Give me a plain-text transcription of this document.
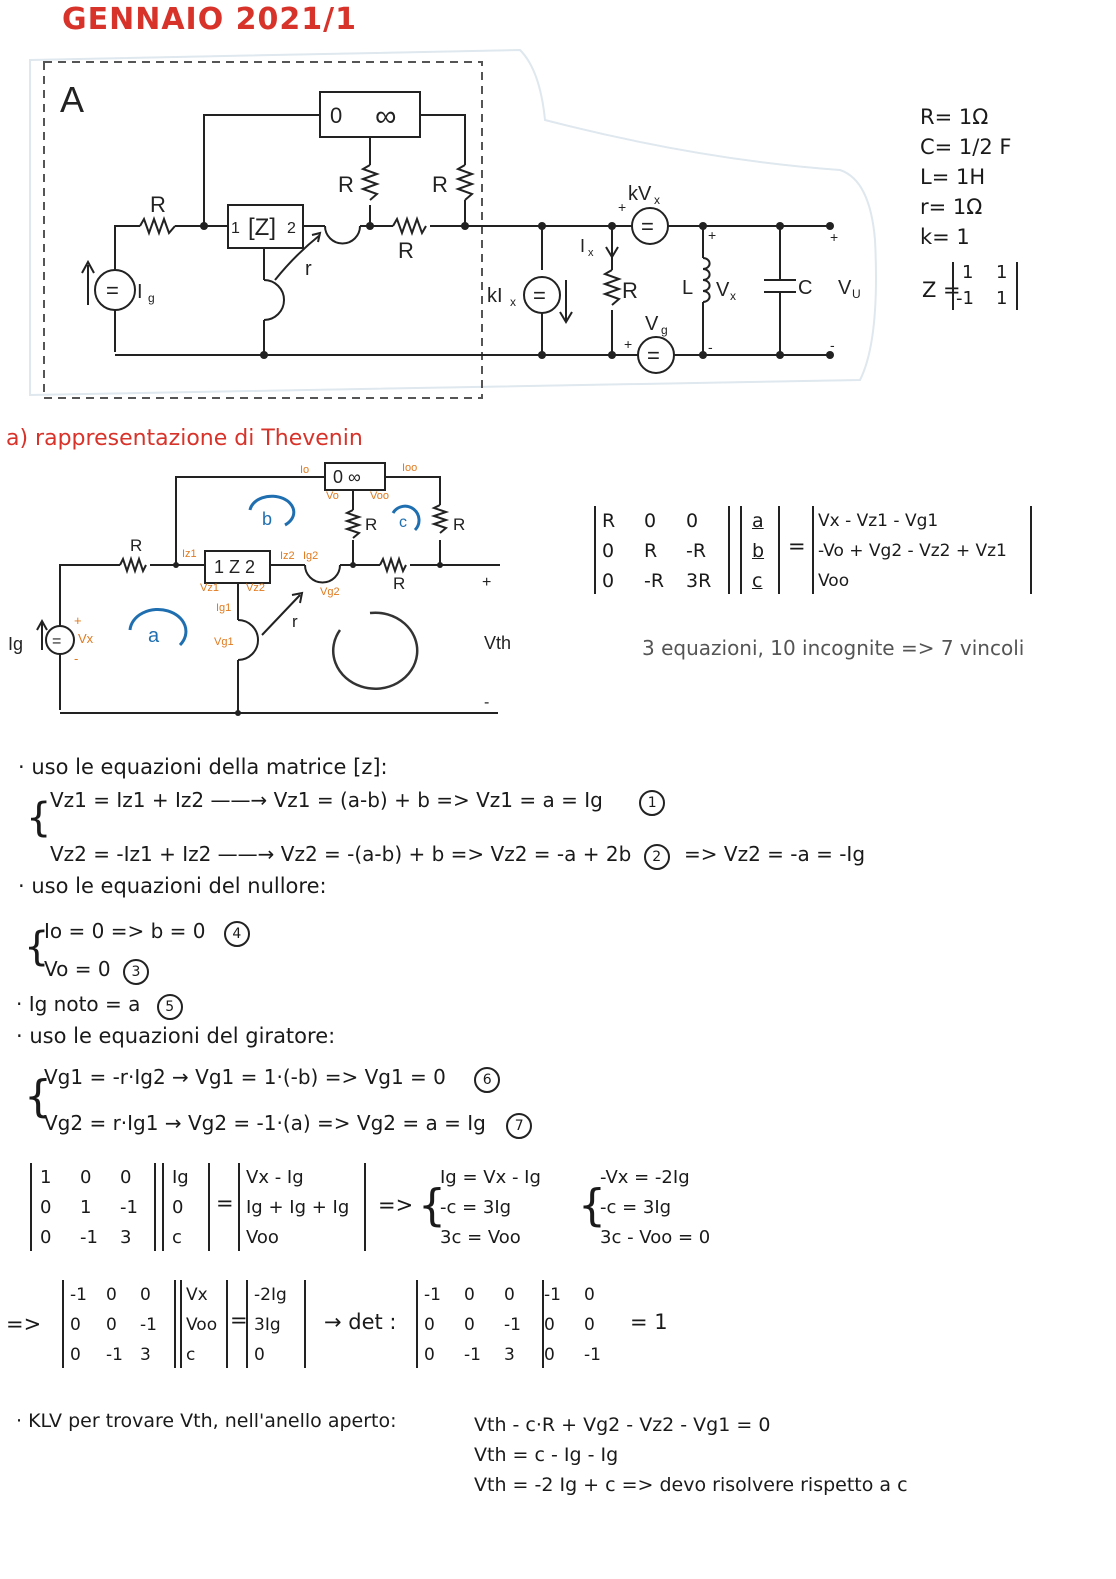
GENNAIO 2021/1
A
= I g
R
1 [Z] 2
0 ∞
R	R
r
R
=
kI x	R
I x
=
kV x
+
=
V g
+
L V x
+
-
C V U
+
-
R= 1Ω
C= 1/2 F
L= 1H
r= 1Ω
k= 1
Z =
1 1
-1 1
a) rappresentazione di Thevenin
=
Ig	Vx
+
-
R
1 Z 2
0 ∞
R	R
R
r
Io	Ioo
Vo	Voo
Iz1	Iz2 Ig2
Vz1 Vz2
Ig1
Vg1
Vg2
a
b	c
+
Vth
-
R 0 0
0 R -R
0 -R 3R
a
b
c
=
Vx - Vz1 - Vg1
-Vo + Vg2 - Vz2 + Vz1
Voo
3 equazioni, 10 incognite => 7 vincoli
· uso le equazioni della matrice [z]:
{
Vz1 = Iz1 + Iz2 ——→ Vz1 = (a-b) + b => Vz1 = a = Ig	1
Vz2 = -Iz1 + Iz2 ——→ Vz2 = -(a-b) + b => Vz2 = -a + 2b 2 => Vz2 = -a = -Ig
· uso le equazioni del nullore:
{
Io = 0 => b = 0 4
Vo = 0 3
· Ig noto = a 5
· uso le equazioni del giratore:
{
Vg1 = -r·Ig2 → Vg1 = 1·(-b) => Vg1 = 0	6
Vg2 = r·Ig1 → Vg2 = -1·(a) => Vg2 = a = Ig 7
1 0 0
0 1 -1
0 -1 3
Ig
0
c
=
Vx - Ig
Ig + Ig + Ig
Voo
=> {
Ig = Vx - Ig
-c = 3Ig
3c = Voo
{
-Vx = -2Ig
-c = 3Ig
3c - Voo = 0
=>
-1 0 0
0 0 -1
0 -1 3
Vx
Voo
c
=
-2Ig
3Ig
0
→ det :
-1 0 0 -1 0
0 0 -1 0 0
0 -1 3 0 -1
= 1
· KLV per trovare Vth, nell'anello aperto:	Vth - c·R + Vg2 - Vz2 - Vg1 = 0
Vth = c - Ig - Ig
Vth = -2 Ig + c => devo risolvere rispetto a c
